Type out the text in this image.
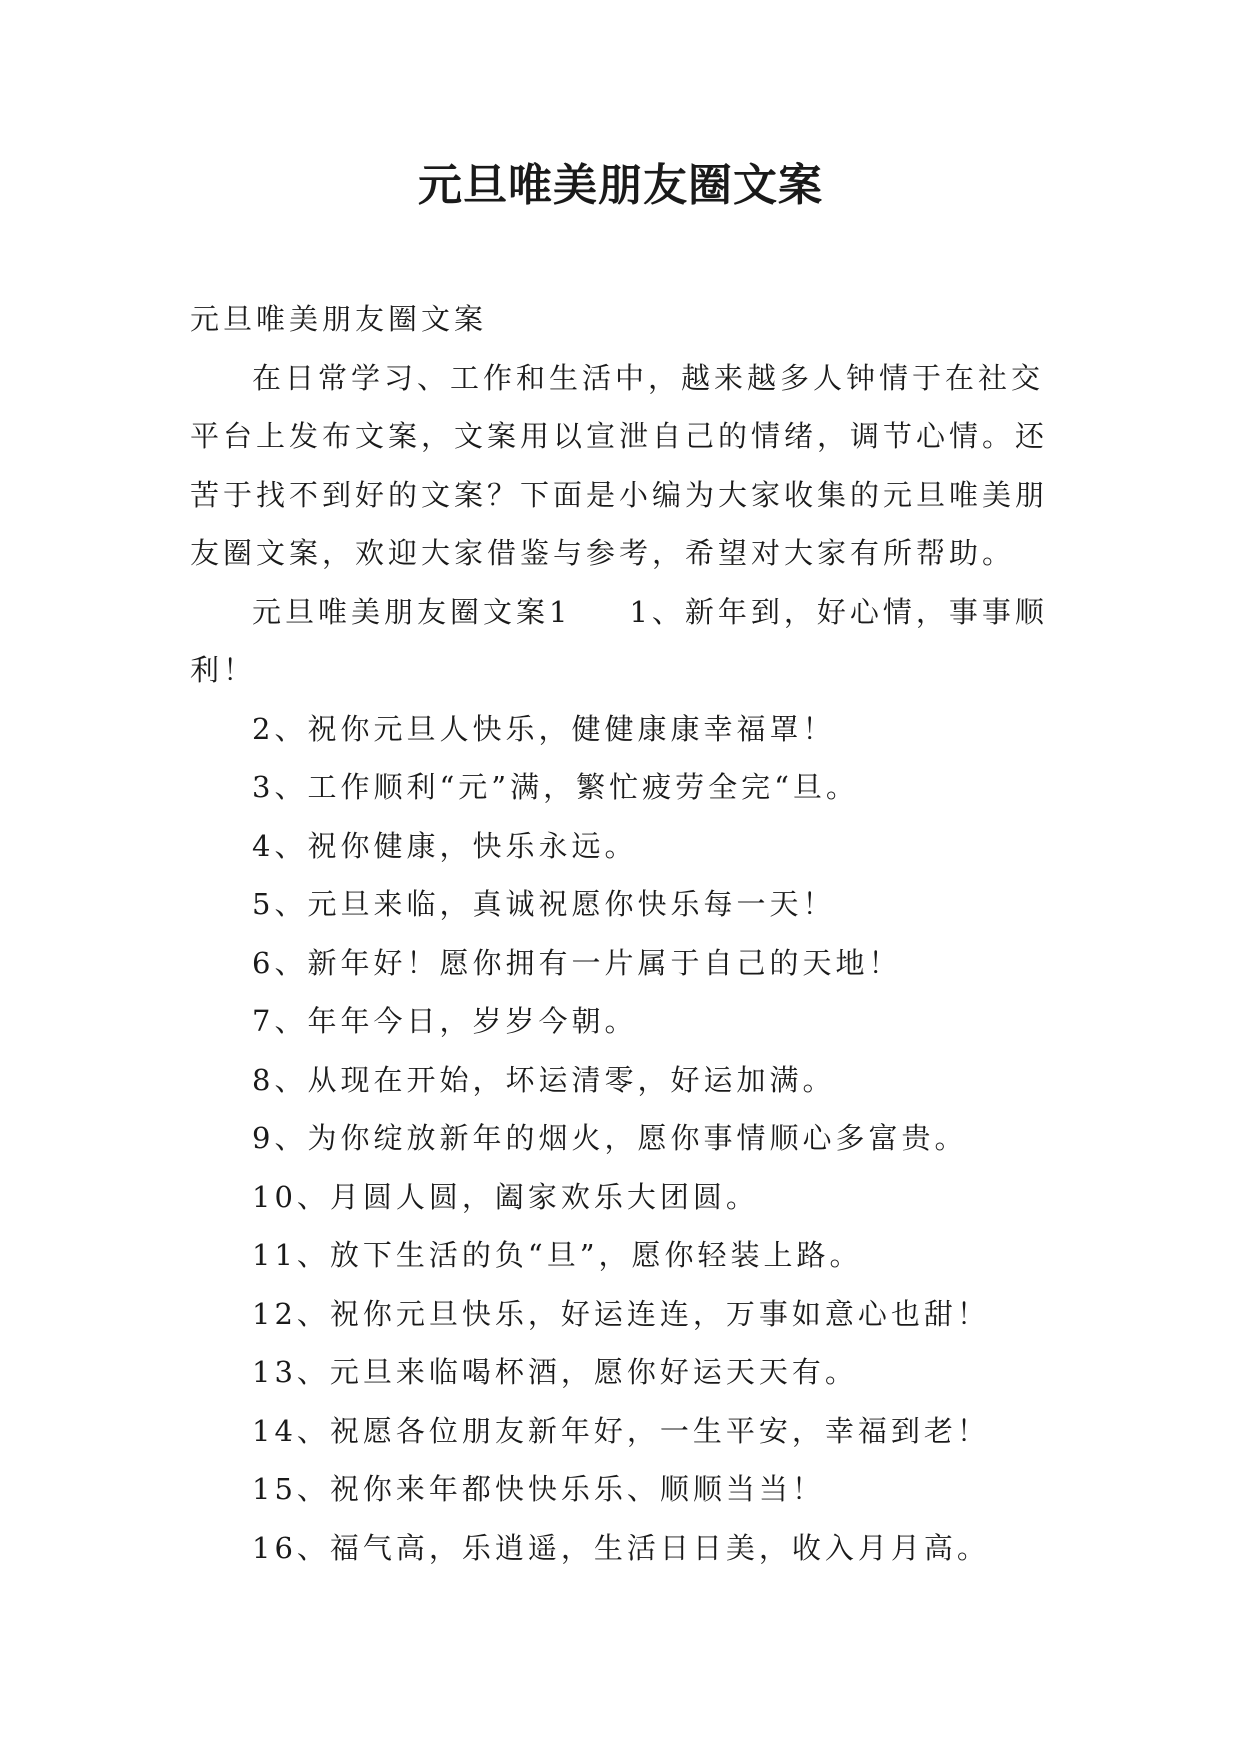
元旦唯美朋友圈文案

元旦唯美朋友圈文案

在日常学习、工作和生活中，越来越多人钟情于在社交平台上发布文案，文案用以宣泄自己的情绪，调节心情。还苦于找不到好的文案？下面是小编为大家收集的元旦唯美朋友圈文案，欢迎大家借鉴与参考，希望对大家有所帮助。

元旦唯美朋友圈文案1 1、新年到，好心情，事事顺利！

2、祝你元旦人快乐，健健康康幸福罩！

3、工作顺利“元”满，繁忙疲劳全完“旦。

4、祝你健康，快乐永远。

5、元旦来临，真诚祝愿你快乐每一天！

6、新年好！愿你拥有一片属于自己的天地！

7、年年今日，岁岁今朝。

8、从现在开始，坏运清零，好运加满。

9、为你绽放新年的烟火，愿你事情顺心多富贵。

10、月圆人圆，阖家欢乐大团圆。

11、放下生活的负“旦”，愿你轻装上路。

12、祝你元旦快乐，好运连连，万事如意心也甜！

13、元旦来临喝杯酒，愿你好运天天有。

14、祝愿各位朋友新年好，一生平安，幸福到老！

15、祝你来年都快快乐乐、顺顺当当！

16、福气高，乐逍遥，生活日日美，收入月月高。
